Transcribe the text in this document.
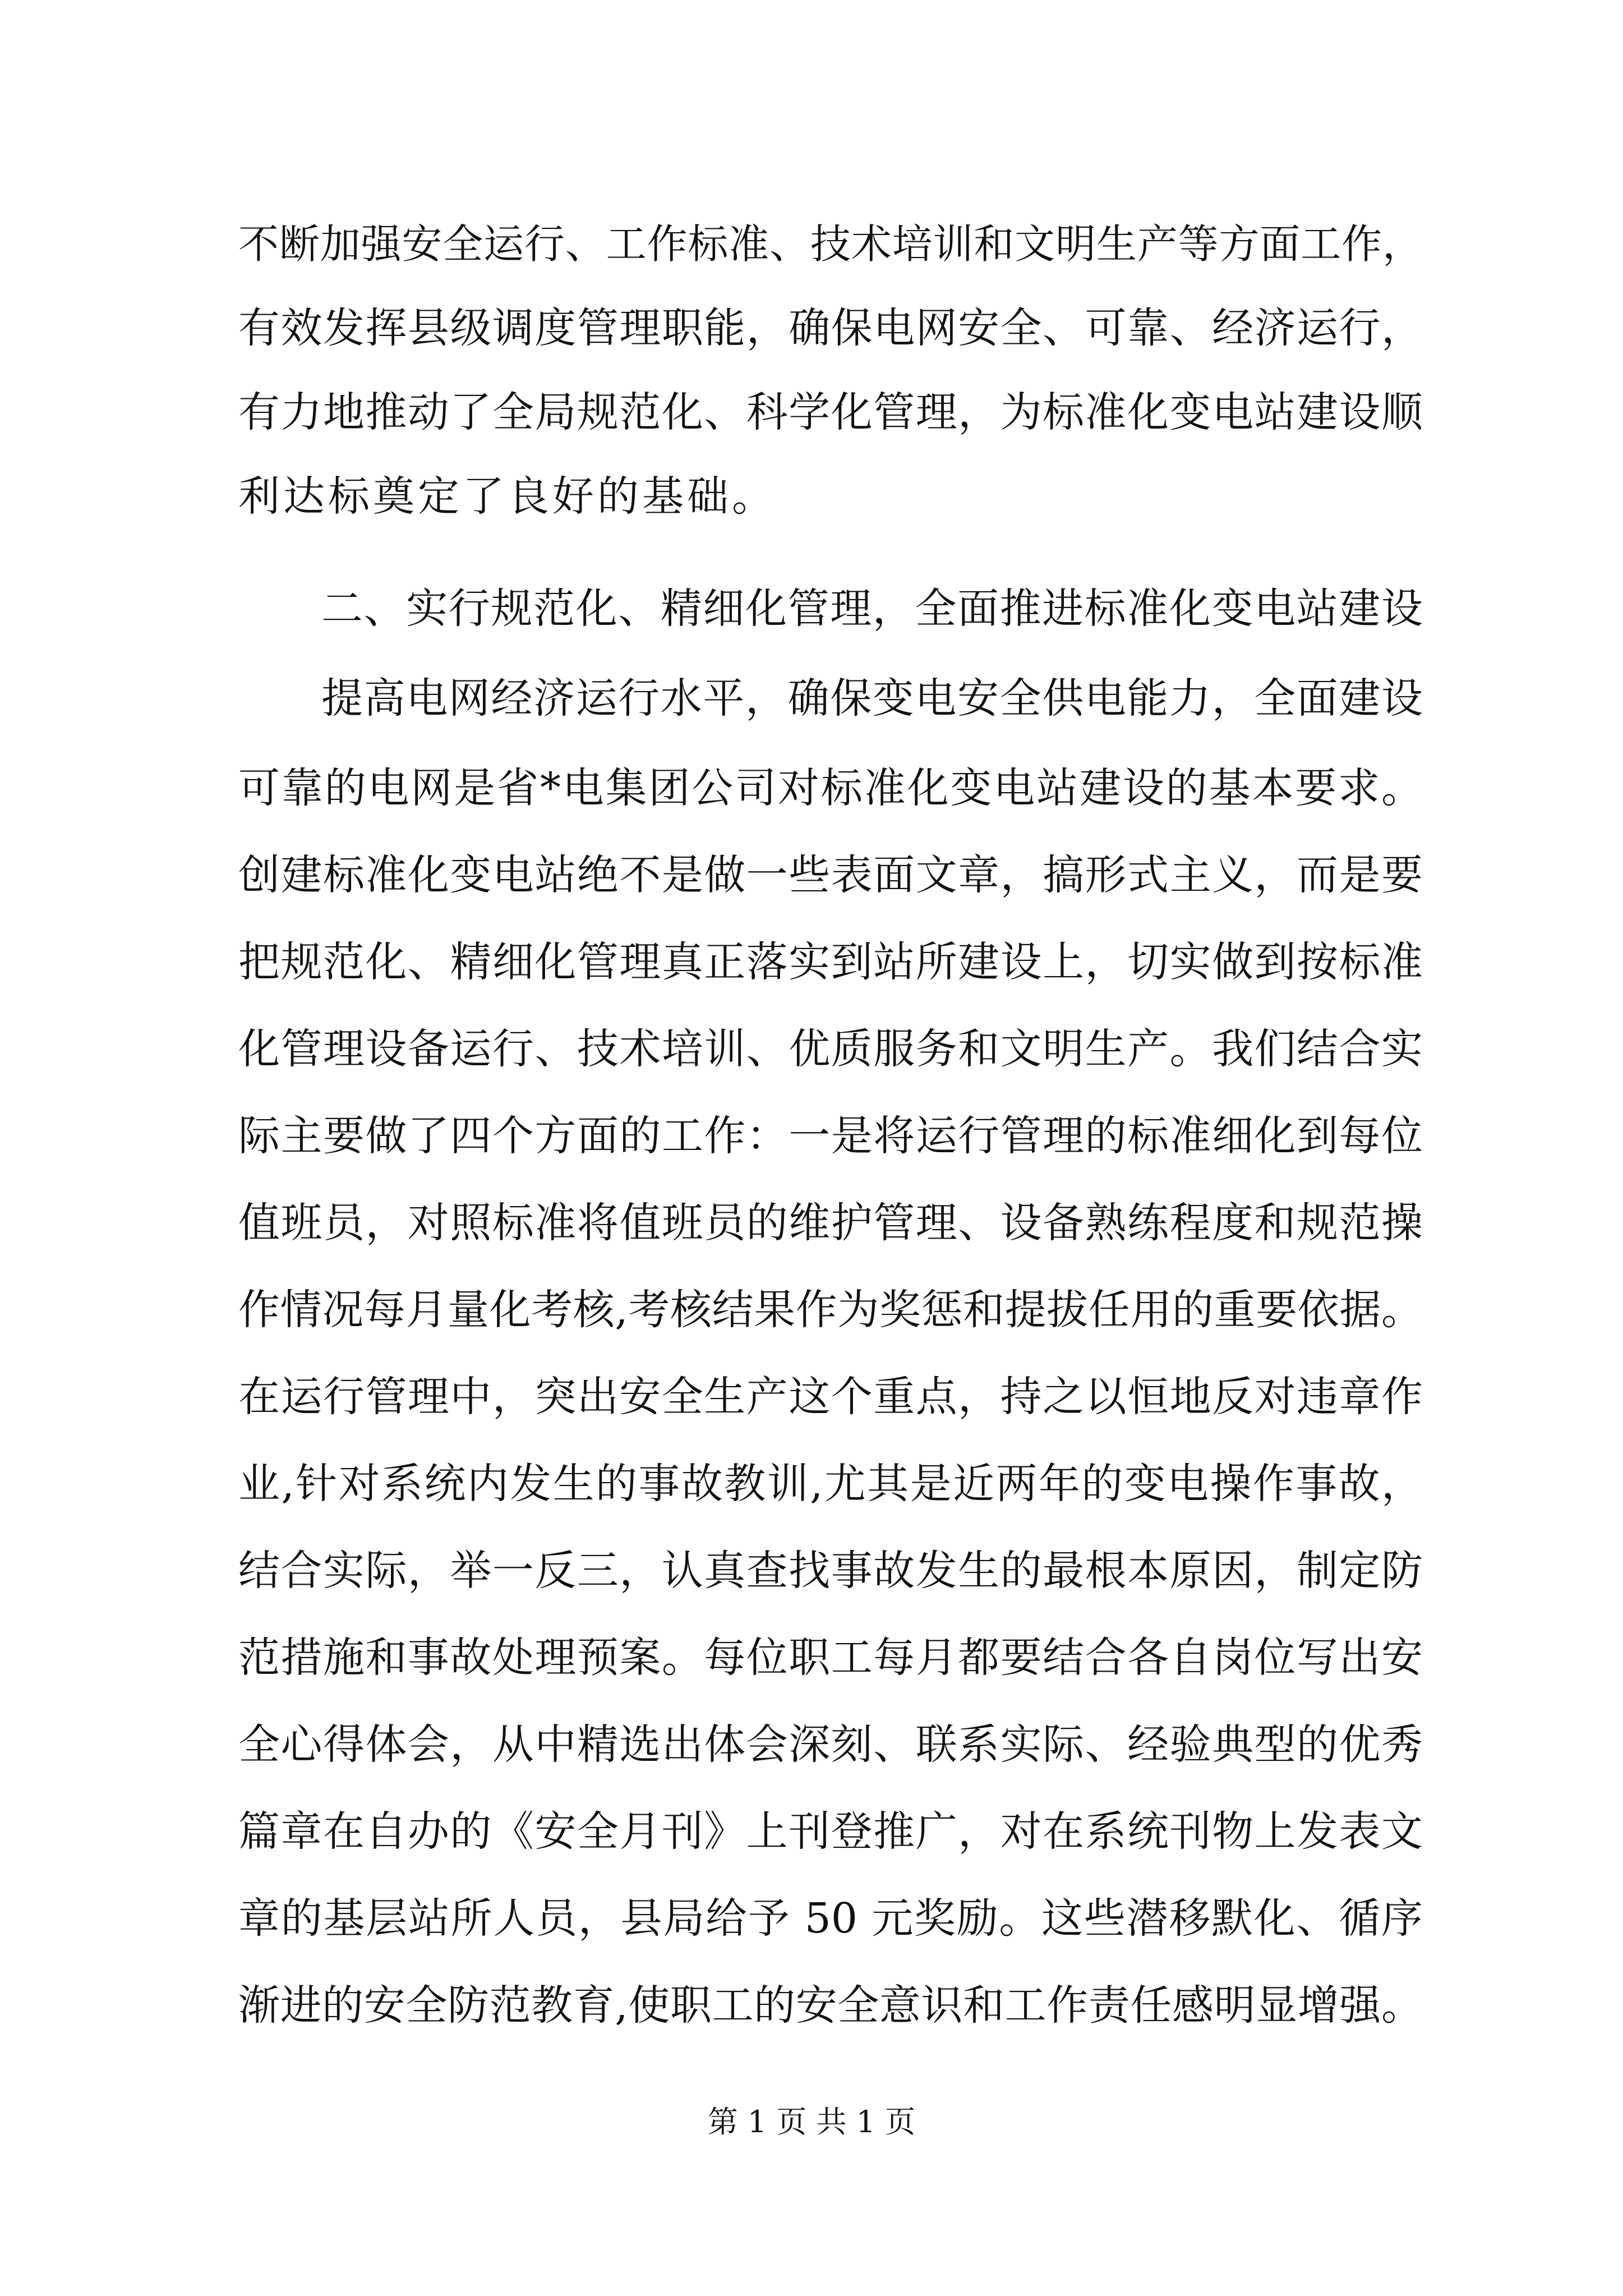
不断加强安全运行、工作标准、技术培训和文明生产等方面工作，
有效发挥县级调度管理职能，确保电网安全、可靠、经济运行，
有力地推动了全局规范化、科学化管理，为标准化变电站建设顺
利达标奠定了良好的基础。
二、实行规范化、精细化管理，全面推进标准化变电站建设
提高电网经济运行水平，确保变电安全供电能力，全面建设
可靠的电网是省*电集团公司对标准化变电站建设的基本要求。
创建标准化变电站绝不是做一些表面文章，搞形式主义，而是要
把规范化、精细化管理真正落实到站所建设上，切实做到按标准
化管理设备运行、技术培训、优质服务和文明生产。我们结合实
际主要做了四个方面的工作：一是将运行管理的标准细化到每位
值班员，对照标准将值班员的维护管理、设备熟练程度和规范操
作情况每月量化考核,考核结果作为奖惩和提拔任用的重要依据。
在运行管理中，突出安全生产这个重点，持之以恒地反对违章作
业,针对系统内发生的事故教训,尤其是近两年的变电操作事故，
结合实际，举一反三，认真查找事故发生的最根本原因，制定防
范措施和事故处理预案。每位职工每月都要结合各自岗位写出安
全心得体会，从中精选出体会深刻、联系实际、经验典型的优秀
篇章在自办的《安全月刊》上刊登推广，对在系统刊物上发表文
章的基层站所人员，县局给予 50 元奖励。这些潜移默化、循序
渐进的安全防范教育,使职工的安全意识和工作责任感明显增强。
第 1 页 共 1 页
